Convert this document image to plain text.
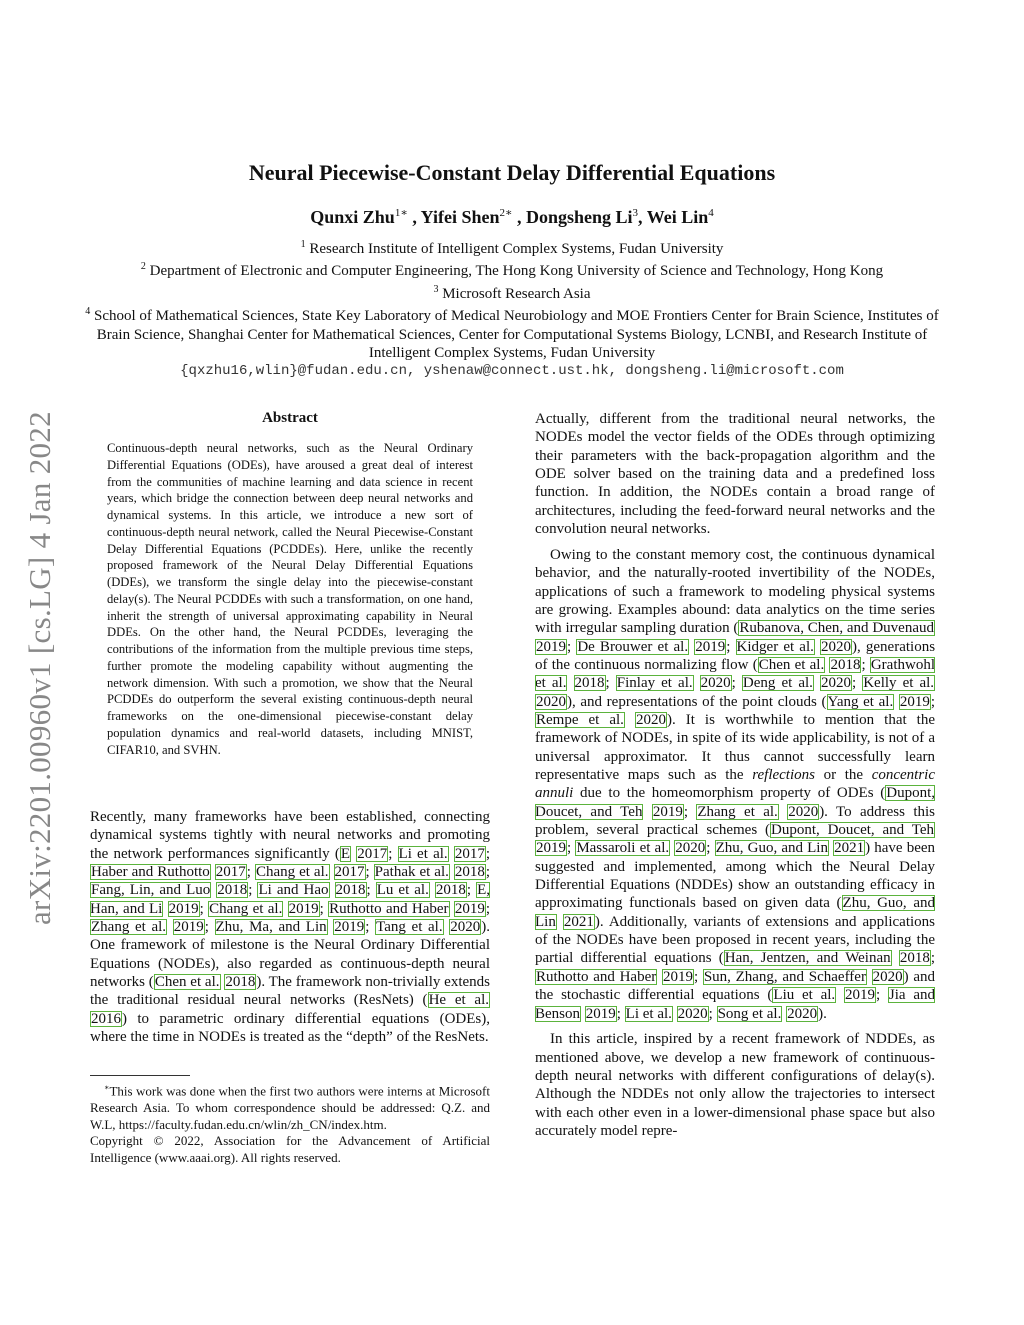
arXiv:2201.00960v1 [cs.LG] 4 Jan 2022
Neural Piecewise-Constant Delay Differential Equations
Qunxi Zhu$^{1∗}$ , Yifei Shen$^{2∗}$ , Dongsheng Li$^3$, Wei Lin$^4$
$^1$ Research Institute of Intelligent Complex Systems, Fudan University
$^2$ Department of Electronic and Computer Engineering, The Hong Kong University of Science and Technology, Hong Kong
$^3$ Microsoft Research Asia
$^4$ School of Mathematical Sciences, State Key Laboratory of Medical Neurobiology and MOE Frontiers Center for Brain Science, Institutes of Brain Science, Shanghai Center for Mathematical Sciences, Center for Computational Systems Biology, LCNBI, and Research Institute of Intelligent Complex Systems, Fudan University
{qxzhu16,wlin}@fudan.edu.cn, yshenaw@connect.ust.hk, dongsheng.li@microsoft.com
Abstract
Continuous-depth neural networks, such as the Neural Ordinary Differential Equations (ODEs), have aroused a great deal of interest from the communities of machine learning and data science in recent years, which bridge the connection between deep neural networks and dynamical systems. In this article, we introduce a new sort of continuous-depth neural network, called the Neural Piecewise-Constant Delay Differential Equations (PCDDEs). Here, unlike the recently proposed framework of the Neural Delay Differential Equations (DDEs), we transform the single delay into the piecewise-constant delay(s). The Neural PCDDEs with such a transformation, on one hand, inherit the strength of universal approximating capability in Neural DDEs. On the other hand, the Neural PCDDEs, leveraging the contributions of the information from the multiple previous time steps, further promote the modeling capability without augmenting the network dimension. With such a promotion, we show that the Neural PCDDEs do outperform the several existing continuous-depth neural frameworks on the one-dimensional piecewise-constant delay population dynamics and real-world datasets, including MNIST, CIFAR10, and SVHN.

Recently, many frameworks have been established, connecting dynamical systems tightly with neural networks and promoting the network performances significantly (E 2017; Li et al. 2017; Haber and Ruthotto 2017; Chang et al. 2017; Pathak et al. 2018; Fang, Lin, and Luo 2018; Li and Hao 2018; Lu et al. 2018; E, Han, and Li 2019; Chang et al. 2019; Ruthotto and Haber 2019; Zhang et al. 2019; Zhu, Ma, and Lin 2019; Tang et al. 2020). One framework of milestone is the Neural Ordinary Differential Equations (NODEs), also regarded as continuous-depth neural networks (Chen et al. 2018). The framework non-trivially extends the traditional residual neural networks (ResNets) (He et al. 2016) to parametric ordinary differential equations (ODEs), where the time in NODEs is treated as the “depth” of the ResNets.

Actually, different from the traditional neural networks, the NODEs model the vector fields of the ODEs through optimizing their parameters with the back-propagation algorithm and the ODE solver based on the training data and a predefined loss function. In addition, the NODEs contain a broad range of architectures, including the feed-forward neural networks and the convolution neural networks.

Owing to the constant memory cost, the continuous dynamical behavior, and the naturally-rooted invertibility of the NODEs, applications of such a framework to modeling physical systems are growing. Examples abound: data analytics on the time series with irregular sampling duration (Rubanova, Chen, and Duvenaud 2019; De Brouwer et al. 2019; Kidger et al. 2020), generations of the continuous normalizing flow (Chen et al. 2018; Grathwohl et al. 2018; Finlay et al. 2020; Deng et al. 2020; Kelly et al. 2020), and representations of the point clouds (Yang et al. 2019; Rempe et al. 2020). It is worthwhile to mention that the framework of NODEs, in spite of its wide applicability, is not of a universal approximator. It thus cannot successfully learn representative maps such as the reflections or the concentric annuli due to the homeomorphism property of ODEs (Dupont, Doucet, and Teh 2019; Zhang et al. 2020). To address this problem, several practical schemes (Dupont, Doucet, and Teh 2019; Massaroli et al. 2020; Zhu, Guo, and Lin 2021) have been suggested and implemented, among which the Neural Delay Differential Equations (NDDEs) show an outstanding efficacy in approximating functionals based on given data (Zhu, Guo, and Lin 2021). Additionally, variants of extensions and applications of the NODEs have been proposed in recent years, including the partial differential equations (Han, Jentzen, and Weinan 2018; Ruthotto and Haber 2019; Sun, Zhang, and Schaeffer 2020) and the stochastic differential equations (Liu et al. 2019; Jia and Benson 2019; Li et al. 2020; Song et al. 2020).

In this article, inspired by a recent framework of NDDEs, as mentioned above, we develop a new framework of continuous-depth neural networks with different configurations of delay(s). Although the NDDEs not only allow the trajectories to intersect with each other even in a lower-dimensional phase space but also accurately model repre-

∗This work was done when the first two authors were interns at Microsoft Research Asia. To whom correspondence should be addressed: Q.Z. and W.L, https://faculty.fudan.edu.cn/wlin/zh_CN/index.htm.

Copyright © 2022, Association for the Advancement of Artificial Intelligence (www.aaai.org). All rights reserved.
